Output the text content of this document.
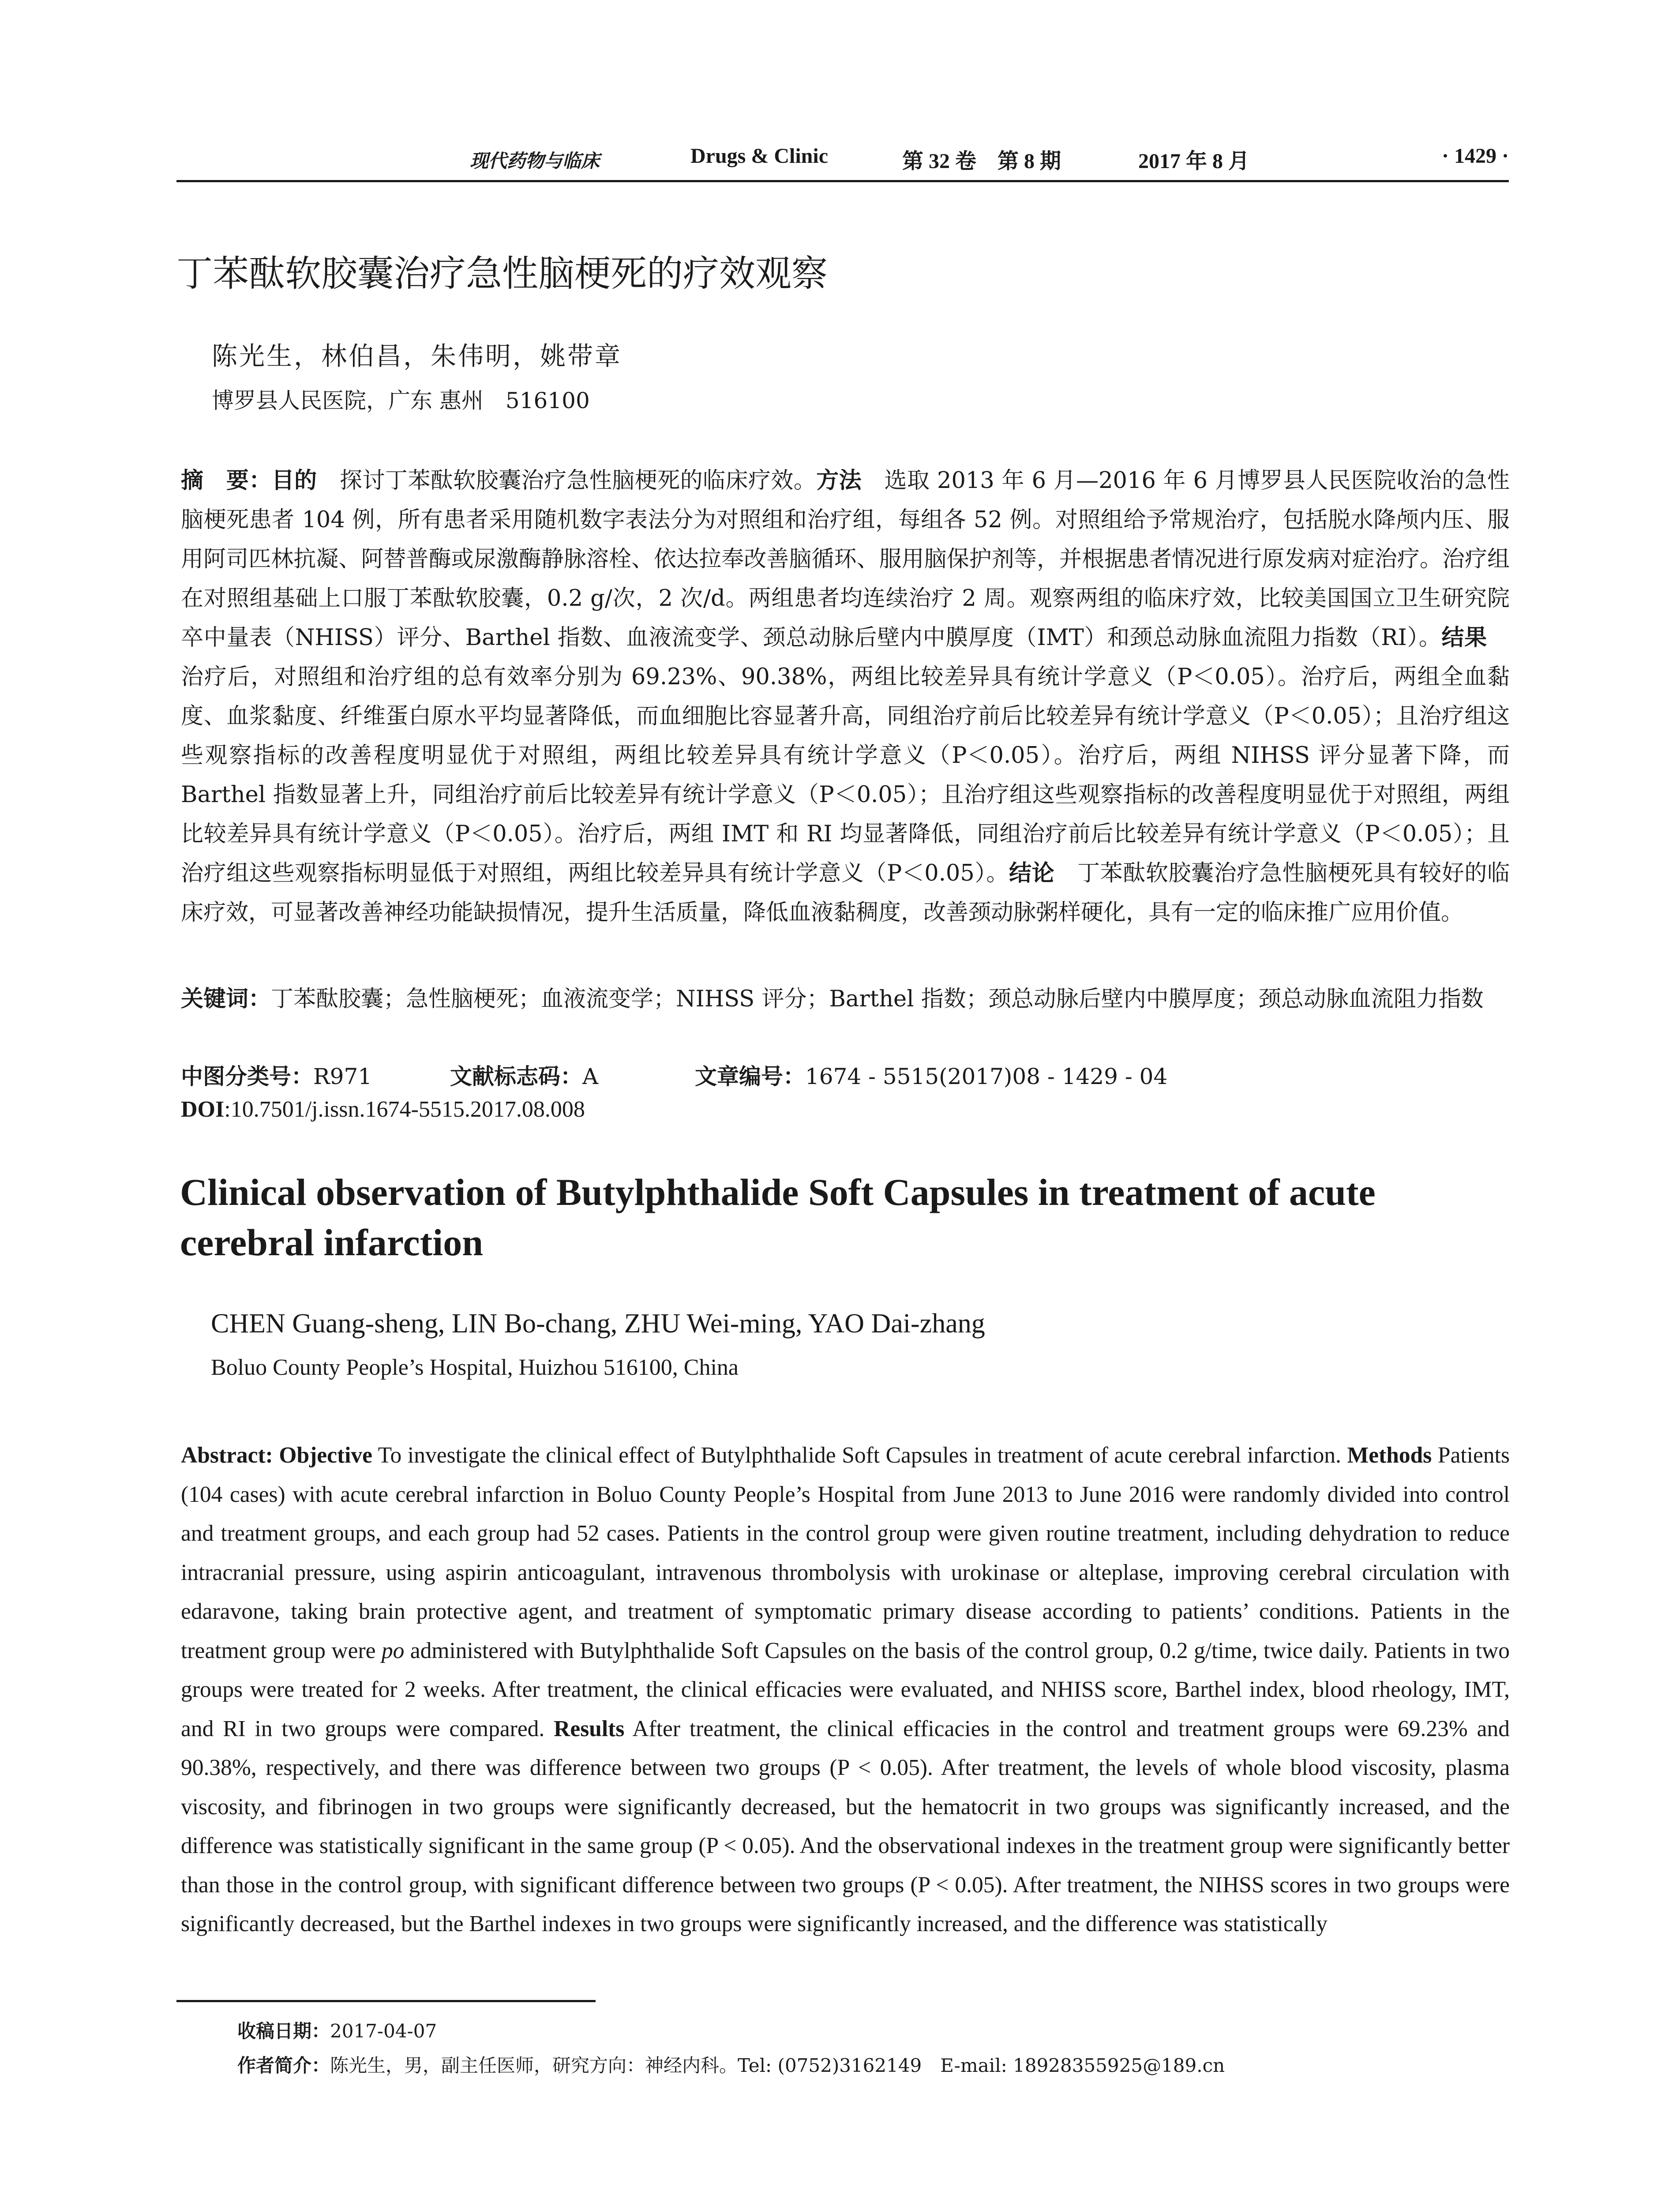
现代药物与临床	Drugs & Clinic	第 32 卷　第 8 期	2017 年 8 月	· 1429 ·
丁苯酞软胶囊治疗急性脑梗死的疗效观察
陈光生，林伯昌，朱伟明，姚带章
博罗县人民医院，广东 惠州　516100
摘　要：目的　探讨丁苯酞软胶囊治疗急性脑梗死的临床疗效。方法　选取 2013 年 6 月—2016 年 6 月博罗县人民医院收治的急性脑梗死患者 104 例，所有患者采用随机数字表法分为对照组和治疗组，每组各 52 例。对照组给予常规治疗，包括脱水降颅内压、服用阿司匹林抗凝、阿替普酶或尿激酶静脉溶栓、依达拉奉改善脑循环、服用脑保护剂等，并根据患者情况进行原发病对症治疗。治疗组在对照组基础上口服丁苯酞软胶囊，0.2 g/次，2 次/d。两组患者均连续治疗 2 周。观察两组的临床疗效，比较美国国立卫生研究院卒中量表（NHISS）评分、Barthel 指数、血液流变学、颈总动脉后壁内中膜厚度（IMT）和颈总动脉血流阻力指数（RI）。结果　治疗后，对照组和治疗组的总有效率分别为 69.23%、90.38%，两组比较差异具有统计学意义（P＜0.05）。治疗后，两组全血黏度、血浆黏度、纤维蛋白原水平均显著降低，而血细胞比容显著升高，同组治疗前后比较差异有统计学意义（P＜0.05）；且治疗组这些观察指标的改善程度明显优于对照组，两组比较差异具有统计学意义（P＜0.05）。治疗后，两组 NIHSS 评分显著下降，而 Barthel 指数显著上升，同组治疗前后比较差异有统计学意义（P＜0.05）；且治疗组这些观察指标的改善程度明显优于对照组，两组比较差异具有统计学意义（P＜0.05）。治疗后，两组 IMT 和 RI 均显著降低，同组治疗前后比较差异有统计学意义（P＜0.05）；且治疗组这些观察指标明显低于对照组，两组比较差异具有统计学意义（P＜0.05）。结论　丁苯酞软胶囊治疗急性脑梗死具有较好的临床疗效，可显著改善神经功能缺损情况，提升生活质量，降低血液黏稠度，改善颈动脉粥样硬化，具有一定的临床推广应用价值。
关键词：丁苯酞胶囊；急性脑梗死；血液流变学；NIHSS 评分；Barthel 指数；颈总动脉后壁内中膜厚度；颈总动脉血流阻力指数
中图分类号：R971	文献标志码：A	文章编号：1674 - 5515(2017)08 - 1429 - 04
DOI:10.7501/j.issn.1674-5515.2017.08.008
Clinical observation of Butylphthalide Soft Capsules in treatment of acute cerebral infarction
CHEN Guang-sheng, LIN Bo-chang, ZHU Wei-ming, YAO Dai-zhang
Boluo County People’s Hospital, Huizhou 516100, China
Abstract: Objective To investigate the clinical effect of Butylphthalide Soft Capsules in treatment of acute cerebral infarction. Methods Patients (104 cases) with acute cerebral infarction in Boluo County People’s Hospital from June 2013 to June 2016 were randomly divided into control and treatment groups, and each group had 52 cases. Patients in the control group were given routine treatment, including dehydration to reduce intracranial pressure, using aspirin anticoagulant, intravenous thrombolysis with urokinase or alteplase, improving cerebral circulation with edaravone, taking brain protective agent, and treatment of symptomatic primary disease according to patients’ conditions. Patients in the treatment group were po administered with Butylphthalide Soft Capsules on the basis of the control group, 0.2 g/time, twice daily. Patients in two groups were treated for 2 weeks. After treatment, the clinical efficacies were evaluated, and NHISS score, Barthel index, blood rheology, IMT, and RI in two groups were compared. Results After treatment, the clinical efficacies in the control and treatment groups were 69.23% and 90.38%, respectively, and there was difference between two groups (P < 0.05). After treatment, the levels of whole blood viscosity, plasma viscosity, and fibrinogen in two groups were significantly decreased, but the hematocrit in two groups was significantly increased, and the difference was statistically significant in the same group (P < 0.05). And the observational indexes in the treatment group were significantly better than those in the control group, with significant difference between two groups (P < 0.05). After treatment, the NIHSS scores in two groups were significantly decreased, but the Barthel indexes in two groups were significantly increased, and the difference was statistically
收稿日期：2017-04-07
作者简介：陈光生，男，副主任医师，研究方向：神经内科。Tel: (0752)3162149　E-mail: 18928355925@189.cn
